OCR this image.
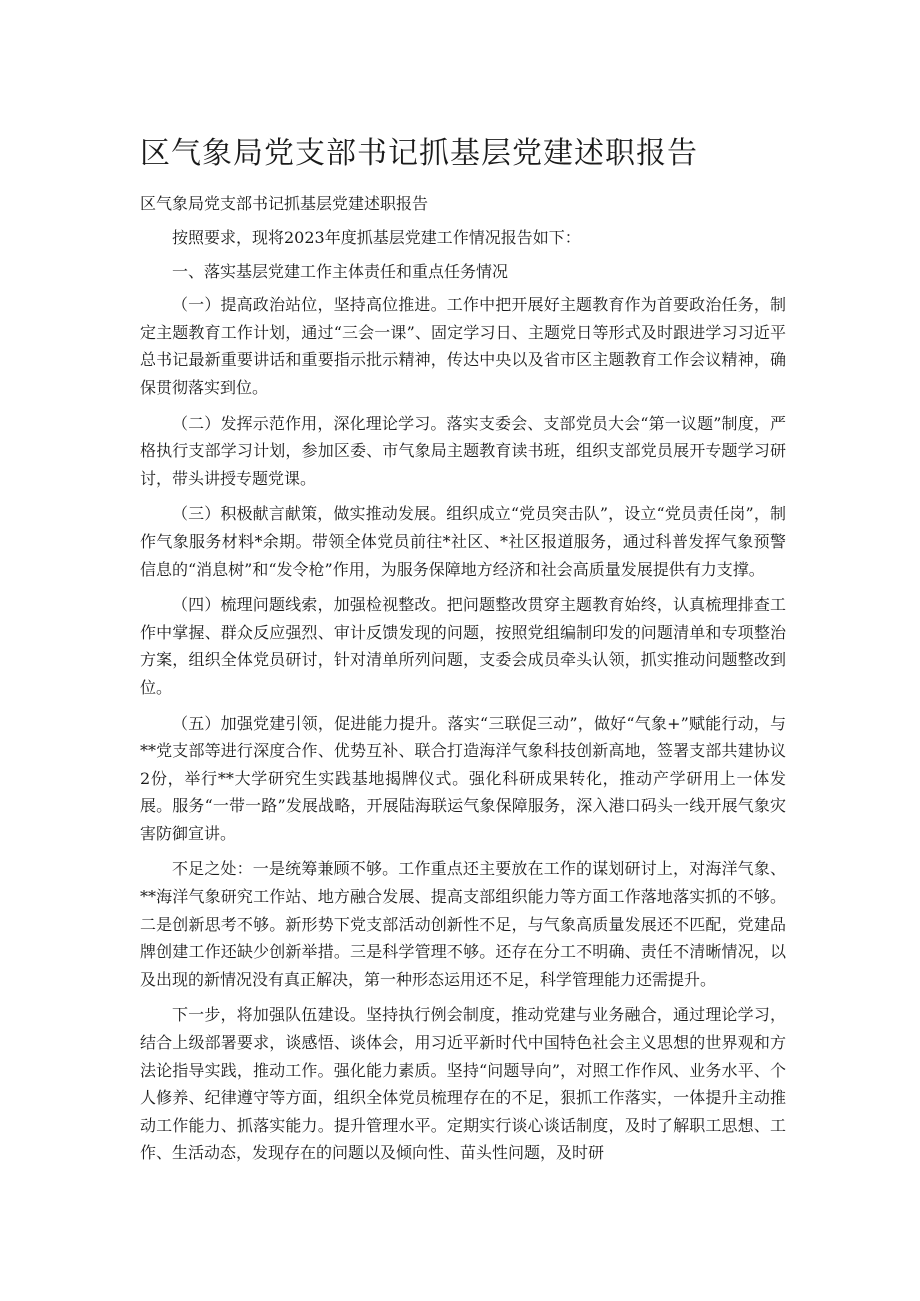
区气象局党支部书记抓基层党建述职报告

区气象局党支部书记抓基层党建述职报告

按照要求，现将2023年度抓基层党建工作情况报告如下：

一、落实基层党建工作主体责任和重点任务情况

（一）提高政治站位，坚持高位推进。工作中把开展好主题教育作为首要政治任务，制定主题教育工作计划，通过“三会一课”、固定学习日、主题党日等形式及时跟进学习习近平总书记最新重要讲话和重要指示批示精神，传达中央以及省市区主题教育工作会议精神，确保贯彻落实到位。

（二）发挥示范作用，深化理论学习。落实支委会、支部党员大会“第一议题”制度，严格执行支部学习计划，参加区委、市气象局主题教育读书班，组织支部党员展开专题学习研讨，带头讲授专题党课。

（三）积极献言献策，做实推动发展。组织成立“党员突击队”，设立“党员责任岗”，制作气象服务材料*余期。带领全体党员前往*社区、*社区报道服务，通过科普发挥气象预警信息的“消息树”和“发令枪”作用，为服务保障地方经济和社会高质量发展提供有力支撑。

（四）梳理问题线索，加强检视整改。把问题整改贯穿主题教育始终，认真梳理排查工作中掌握、群众反应强烈、审计反馈发现的问题，按照党组编制印发的问题清单和专项整治方案，组织全体党员研讨，针对清单所列问题，支委会成员牵头认领，抓实推动问题整改到位。

（五）加强党建引领，促进能力提升。落实“三联促三动”，做好“气象+”赋能行动，与**党支部等进行深度合作、优势互补、联合打造海洋气象科技创新高地，签署支部共建协议2份，举行**大学研究生实践基地揭牌仪式。强化科研成果转化，推动产学研用上一体发展。服务“一带一路”发展战略，开展陆海联运气象保障服务，深入港口码头一线开展气象灾害防御宣讲。

不足之处：一是统筹兼顾不够。工作重点还主要放在工作的谋划研讨上，对海洋气象、**海洋气象研究工作站、地方融合发展、提高支部组织能力等方面工作落地落实抓的不够。二是创新思考不够。新形势下党支部活动创新性不足，与气象高质量发展还不匹配，党建品牌创建工作还缺少创新举措。三是科学管理不够。还存在分工不明确、责任不清晰情况，以及出现的新情况没有真正解决，第一种形态运用还不足，科学管理能力还需提升。

下一步，将加强队伍建设。坚持执行例会制度，推动党建与业务融合，通过理论学习，结合上级部署要求，谈感悟、谈体会，用习近平新时代中国特色社会主义思想的世界观和方法论指导实践，推动工作。强化能力素质。坚持“问题导向”，对照工作作风、业务水平、个人修养、纪律遵守等方面，组织全体党员梳理存在的不足，狠抓工作落实，一体提升主动推动工作能力、抓落实能力。提升管理水平。定期实行谈心谈话制度，及时了解职工思想、工作、生活动态，发现存在的问题以及倾向性、苗头性问题，及时研
